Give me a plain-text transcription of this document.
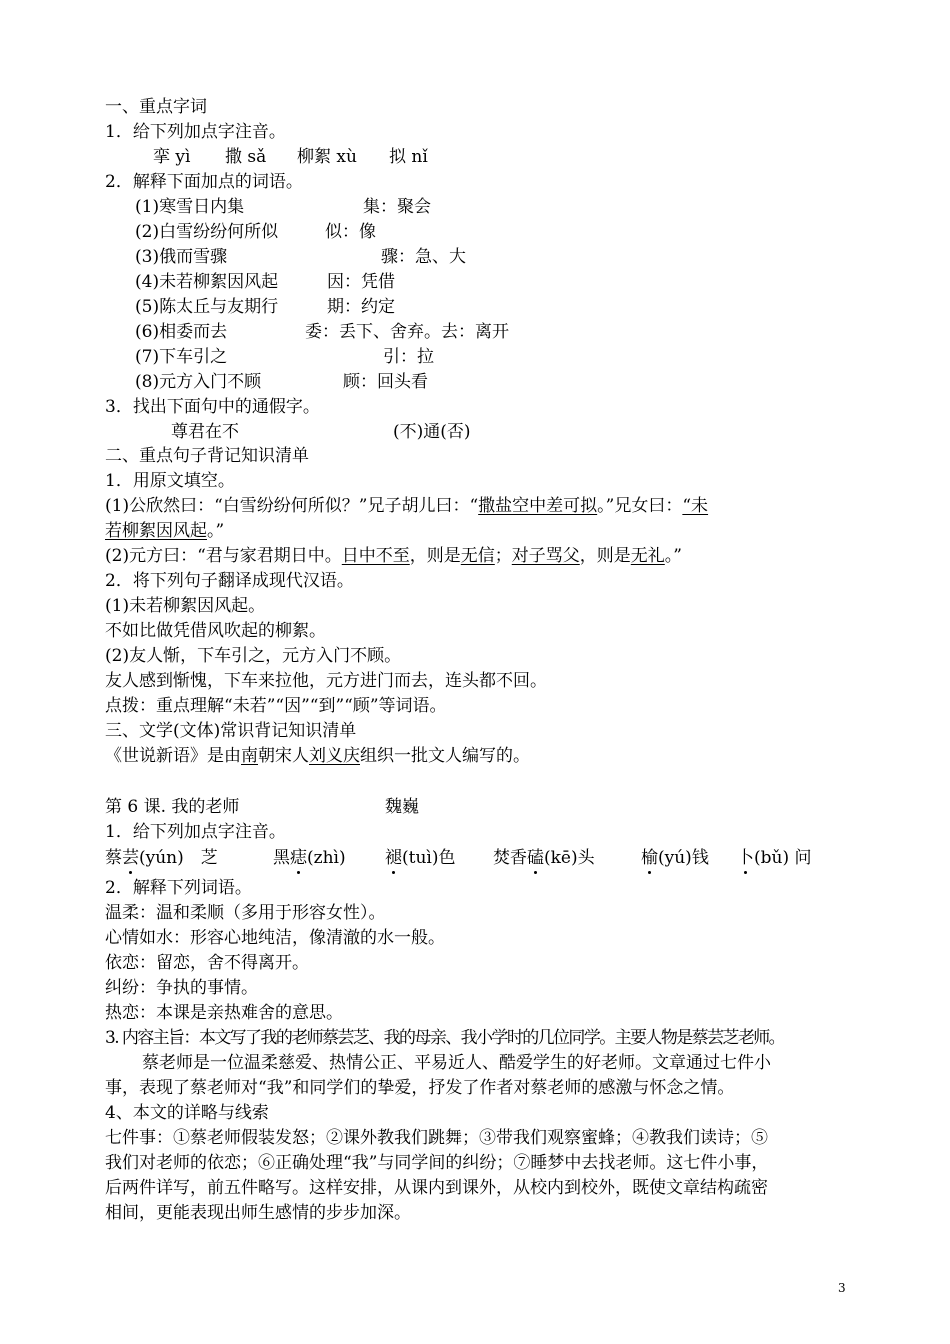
一、重点字词
1．给下列加点字注音。
挛 yì 撒 sǎ 柳絮 xù 拟 nǐ
2．解释下面加点的词语。
(1)寒雪日内集	集：聚会
(2)白雪纷纷何所似	似：像
(3)俄而雪骤	骤：急、大
(4)未若柳絮因风起	因：凭借
(5)陈太丘与友期行	期：约定
(6)相委而去	委：丢下、舍弃。去：离开
(7)下车引之	引：拉
(8)元方入门不顾	顾：回头看
3．找出下面句中的通假字。
尊君在不	(不)通(否)
二、重点句子背记知识清单
1．用原文填空。
(1)公欣然曰：“白雪纷纷何所似？”兄子胡儿曰：“撒盐空中差可拟。”兄女曰：“未
若柳絮因风起。”
(2)元方曰：“君与家君期日中。日中不至，则是无信；对子骂父，则是无礼。”
2．将下列句子翻译成现代汉语。
(1)未若柳絮因风起。
不如比做凭借风吹起的柳絮。
(2)友人惭，下车引之，元方入门不顾。
友人感到惭愧，下车来拉他，元方进门而去，连头都不回。
点拨：重点理解“未若”“因”“到”“顾”等词语。
三、文学(文体)常识背记知识清单
《世说新语》是由南朝宋人刘义庆组织一批文人编写的。
第 6 课. 我的老师	魏巍
1．给下列加点字注音。
蔡芸(yún)　芝	黑痣(zhì) 褪(tuì)色 焚香磕(kē)头	榆(yú)钱 卜(bǔ) 问
2．解释下列词语。
温柔：温和柔顺（多用于形容女性）。
心情如水：形容心地纯洁，像清澈的水一般。
依恋：留恋，舍不得离开。
纠纷：争执的事情。
热恋：本课是亲热难舍的意思。
3. 内容主旨：本文写了我的老师蔡芸芝、我的母亲、我小学时的几位同学。主要人物是蔡芸芝老师。
蔡老师是一位温柔慈爱、热情公正、平易近人、酷爱学生的好老师。文章通过七件小
事，表现了蔡老师对“我”和同学们的挚爱，抒发了作者对蔡老师的感激与怀念之情。
4、本文的详略与线索
七件事：①蔡老师假装发怒；②课外教我们跳舞；③带我们观察蜜蜂；④教我们读诗；⑤
我们对老师的依恋；⑥正确处理“我”与同学间的纠纷；⑦睡梦中去找老师。这七件小事，
后两件详写，前五件略写。这样安排，从课内到课外，从校内到校外，既使文章结构疏密
相间，更能表现出师生感情的步步加深。
3
